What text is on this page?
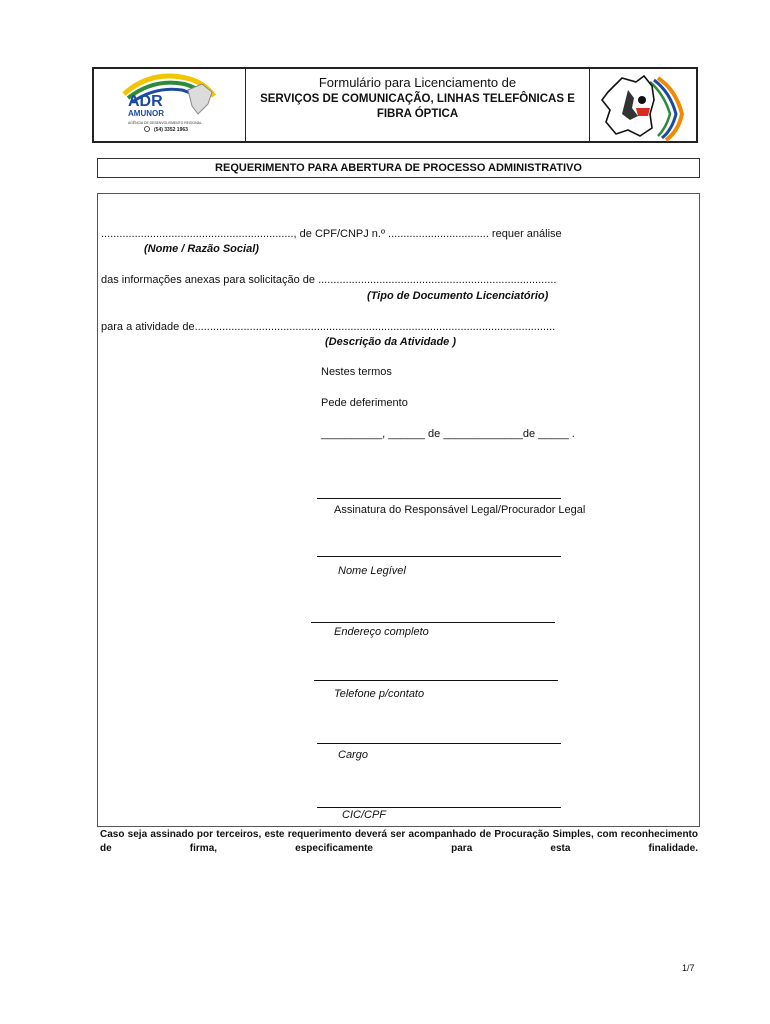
ADR
AMUNOR
AGÊNCIA DE DESENVOLVIMENTO REGIONAL
(54) 3352 1963
Formulário para Licenciamento de
SERVIÇOS DE COMUNICAÇÃO, LINHAS TELEFÔNICAS E
FIBRA ÓPTICA
REQUERIMENTO PARA ABERTURA DE PROCESSO ADMINISTRATIVO
..............................................................., de CPF/CNPJ n.º ................................. requer análise
(Nome / Razão Social)
das informações anexas para solicitação de ..............................................................................
(Tipo de Documento Licenciatório)
para a atividade de......................................................................................................................
(Descrição da Atividade )
Nestes termos
Pede deferimento
__________, ______ de _____________de _____ .
Assinatura do Responsável Legal/Procurador Legal
Nome Legível
Endereço completo
Telefone p/contato
Cargo
CIC/CPF
Caso seja assinado por terceiros, este requerimento deverá ser acompanhado de Procuração Simples, com reconhecimento de firma, especificamente para esta finalidade.
1/7
